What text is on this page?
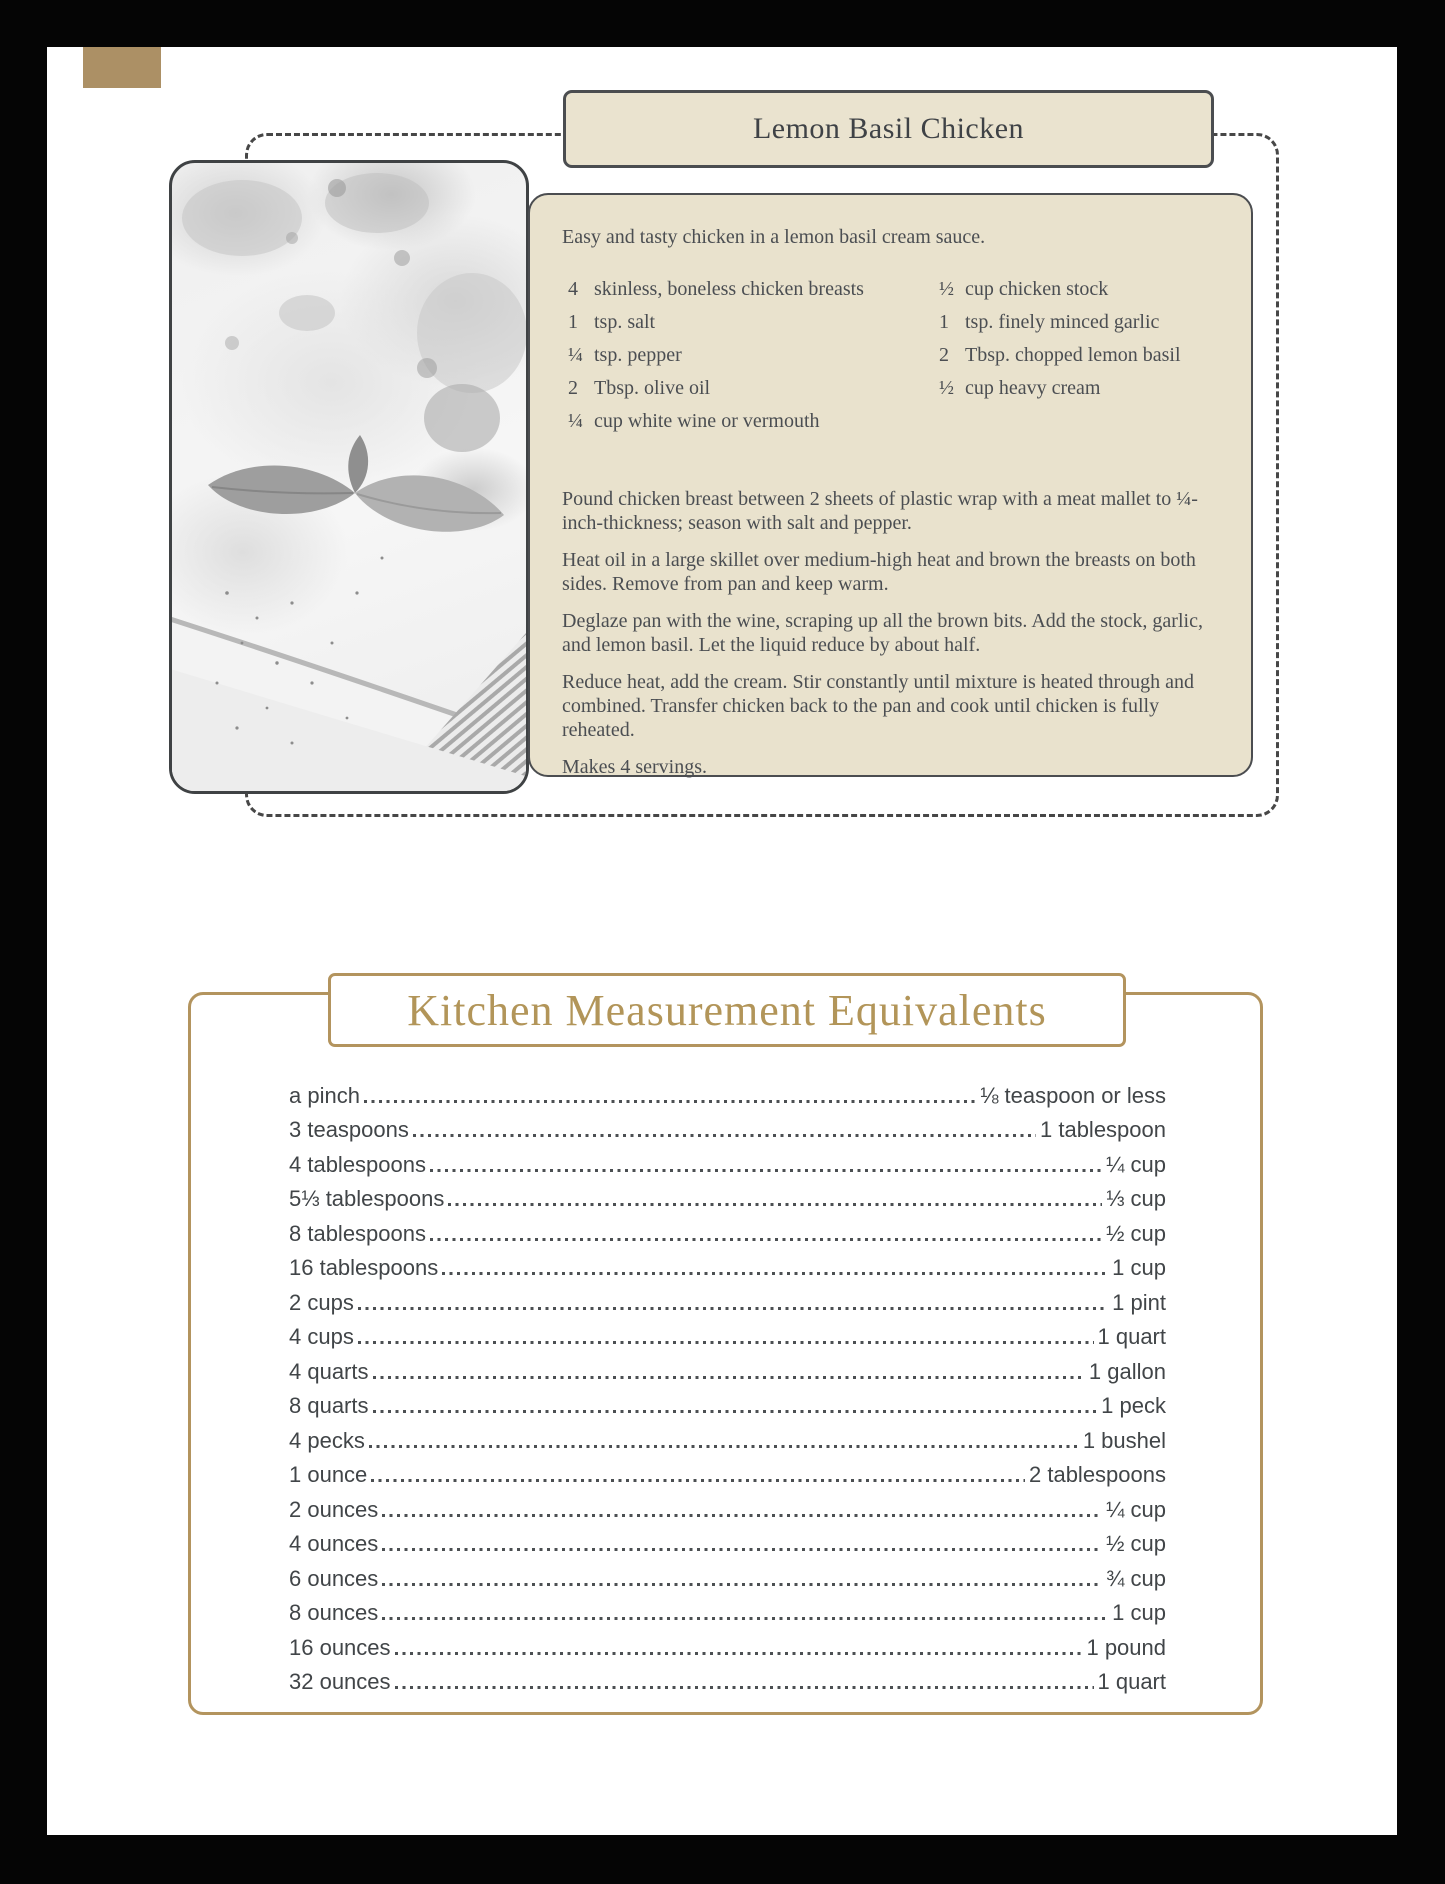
Lemon Basil Chicken

Easy and tasty chicken in a lemon basil cream sauce.

4 skinless, boneless chicken breasts
1 tsp. salt
¼ tsp. pepper
2 Tbsp. olive oil
¼ cup white wine or vermouth
½ cup chicken stock
1 tsp. finely minced garlic
2 Tbsp. chopped lemon basil
½ cup heavy cream

Pound chicken breast between 2 sheets of plastic wrap with a meat mallet to ¼-inch-thickness; season with salt and pepper.

Heat oil in a large skillet over medium-high heat and brown the breasts on both sides. Remove from pan and keep warm.

Deglaze pan with the wine, scraping up all the brown bits. Add the stock, garlic, and lemon basil. Let the liquid reduce by about half.

Reduce heat, add the cream. Stir constantly until mixture is heated through and combined. Transfer chicken back to the pan and cook until chicken is fully reheated.

Makes 4 servings.

Kitchen Measurement Equivalents
a pinch	⅛ teaspoon or less
3 teaspoons	1 tablespoon
4 tablespoons	¼ cup
5⅓ tablespoons	⅓ cup
8 tablespoons	½ cup
16 tablespoons	1 cup
2 cups	1 pint
4 cups	1 quart
4 quarts	1 gallon
8 quarts	1 peck
4 pecks	1 bushel
1 ounce	2 tablespoons
2 ounces	¼ cup
4 ounces	½ cup
6 ounces	¾ cup
8 ounces	1 cup
16 ounces	1 pound
32 ounces	1 quart
